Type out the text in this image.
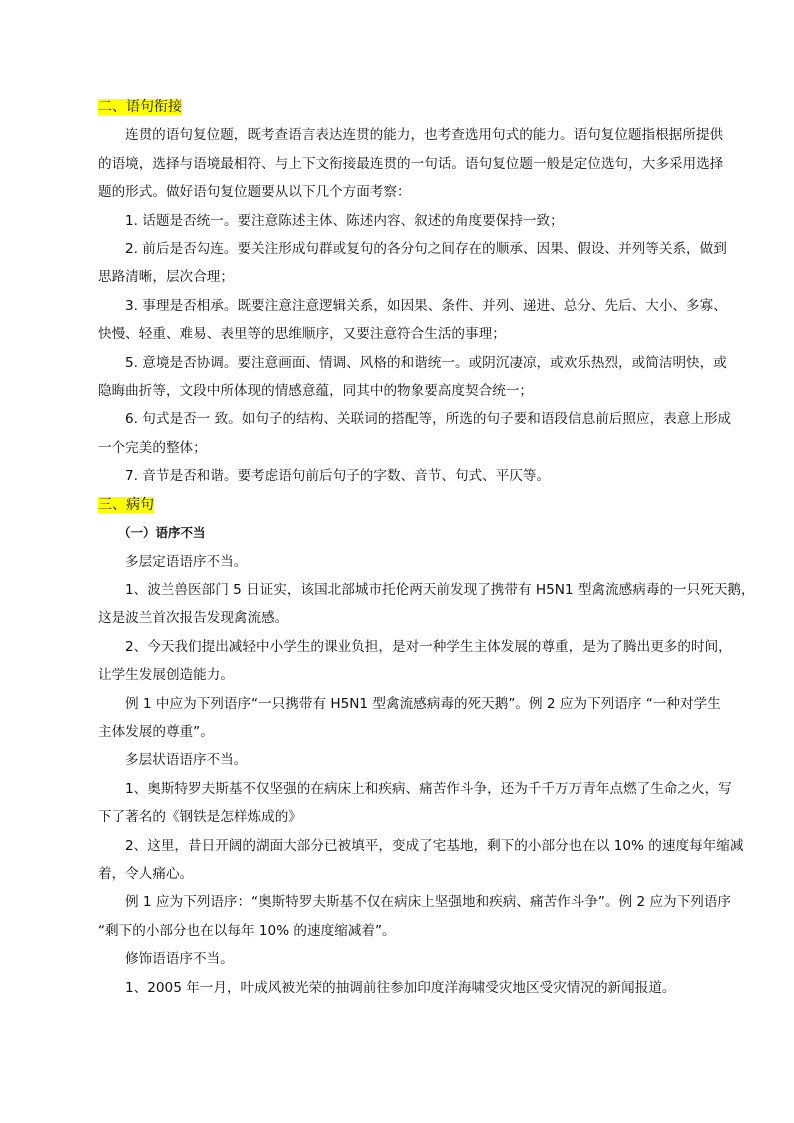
二、语句衔接
连贯的语句复位题，既考查语言表达连贯的能力，也考查选用句式的能力。语句复位题指根据所提供
的语境，选择与语境最相符、与上下文衔接最连贯的一句话。语句复位题一般是定位选句，大多采用选择
题的形式。做好语句复位题要从以下几个方面考察：
1. 话题是否统一。要注意陈述主体、陈述内容、叙述的角度要保持一致；
2. 前后是否勾连。要关注形成句群或复句的各分句之间存在的顺承、因果、假设、并列等关系，做到
思路清晰，层次合理；
3. 事理是否相承。既要注意注意逻辑关系，如因果、条件、并列、递进、总分、先后、大小、多寡、
快慢、轻重、难易、表里等的思维顺序，又要注意符合生活的事理；
5. 意境是否协调。要注意画面、情调、风格的和谐统一。或阴沉凄凉，或欢乐热烈，或简洁明快，或
隐晦曲折等，文段中所体现的情感意蕴，同其中的物象要高度契合统一；
6. 句式是否一 致。如句子的结构、关联词的搭配等，所选的句子要和语段信息前后照应，表意上形成
一个完美的整体；
7. 音节是否和谐。要考虑语句前后句子的字数、音节、句式、平仄等。
三、病句
（一）语序不当
多层定语语序不当。
1、波兰兽医部门 5 日证实，该国北部城市托伦两天前发现了携带有 H5N1 型禽流感病毒的一只死天鹅，
这是波兰首次报告发现禽流感。
2、今天我们提出减轻中小学生的课业负担，是对一种学生主体发展的尊重，是为了腾出更多的时间，
让学生发展创造能力。
例 1 中应为下列语序“一只携带有 H5N1 型禽流感病毒的死天鹅”。例 2 应为下列语序 “一种对学生
主体发展的尊重”。
多层状语语序不当。
1、奥斯特罗夫斯基不仅坚强的在病床上和疾病、痛苦作斗争，还为千千万万青年点燃了生命之火，写
下了著名的《钢铁是怎样炼成的》
2、这里，昔日开阔的湖面大部分已被填平，变成了宅基地，剩下的小部分也在以 10% 的速度每年缩减
着，令人痛心。
例 1 应为下列语序：“奥斯特罗夫斯基不仅在病床上坚强地和疾病、痛苦作斗争”。例 2 应为下列语序
“剩下的小部分也在以每年 10% 的速度缩减着”。
修饰语语序不当。
1、2005 年一月，叶成风被光荣的抽调前往参加印度洋海啸受灾地区受灾情况的新闻报道。
